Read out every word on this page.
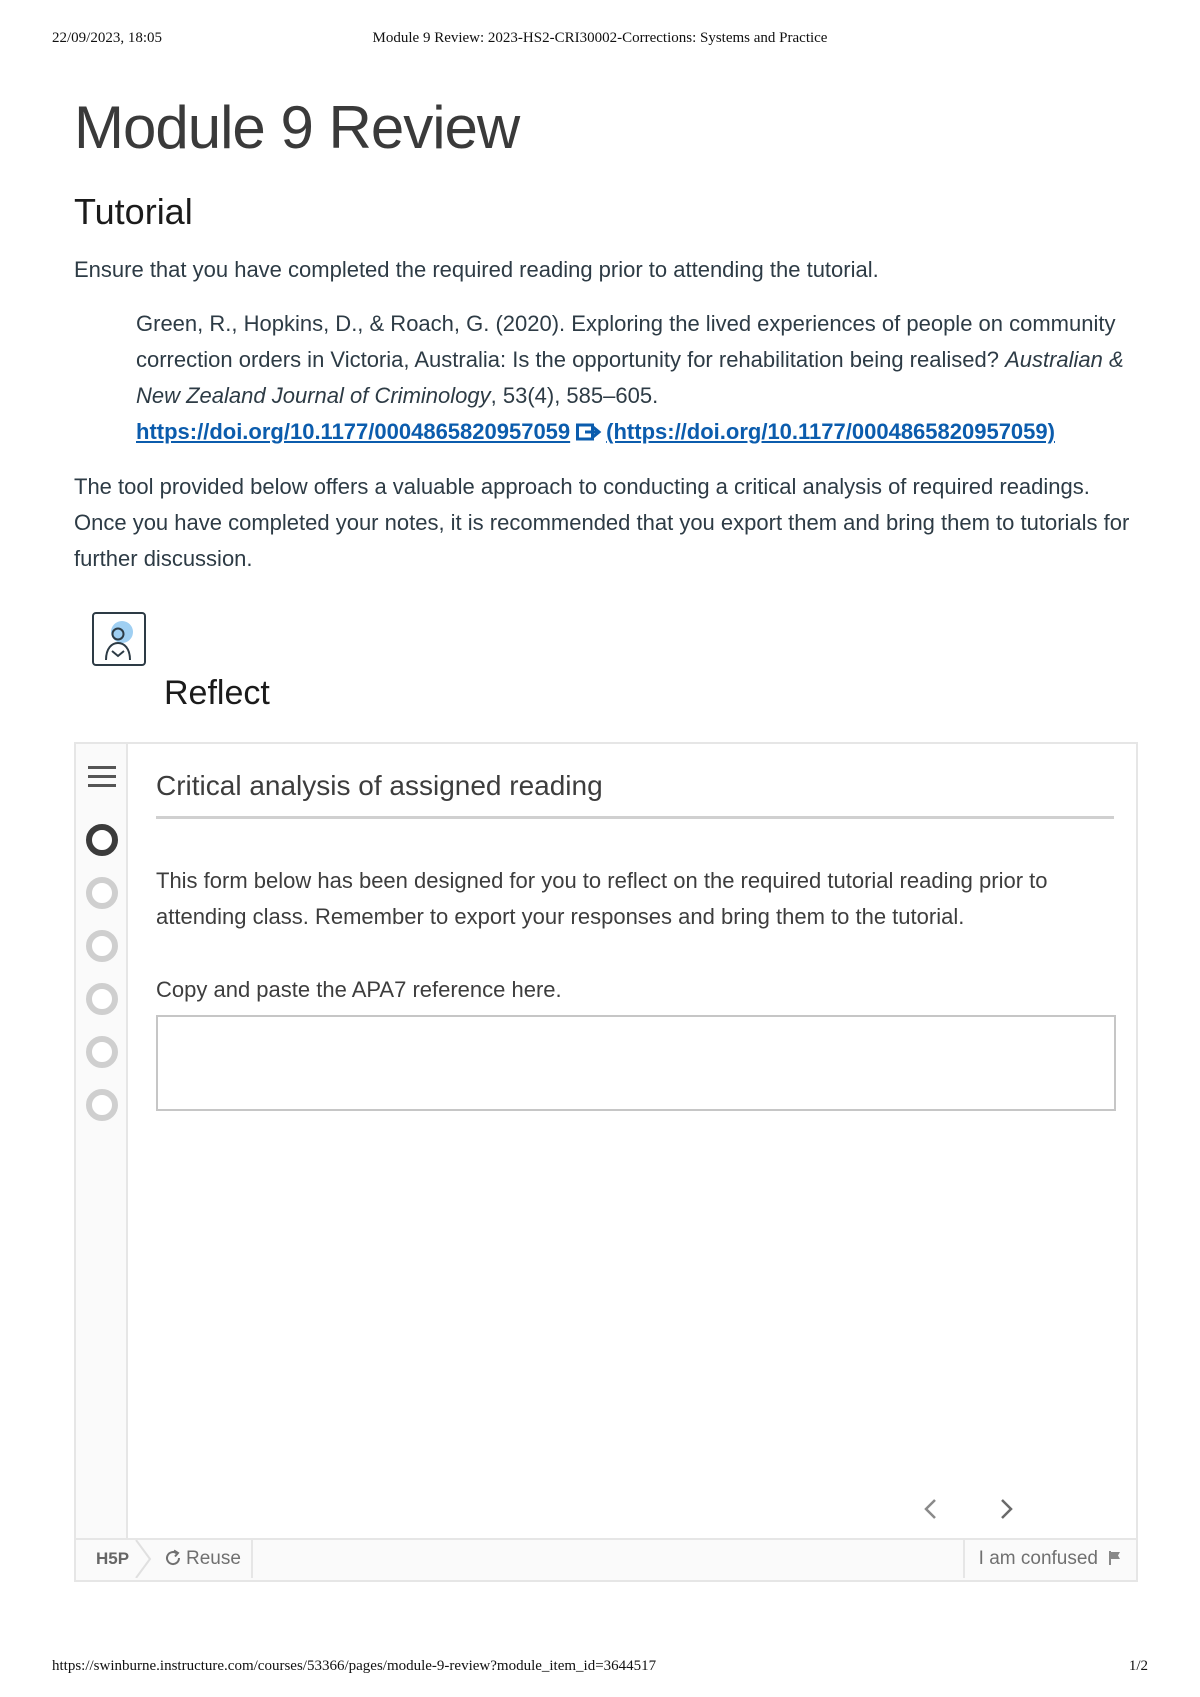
22/09/2023, 18:05	Module 9 Review: 2023-HS2-CRI30002-Corrections: Systems and Practice
Module 9 Review
Tutorial

Ensure that you have completed the required reading prior to attending the tutorial.

Green, R., Hopkins, D., & Roach, G. (2020). Exploring the lived experiences of people on community correction orders in Victoria, Australia: Is the opportunity for rehabilitation being realised? Australian & New Zealand Journal of Criminology, 53(4), 585–605.
https://doi.org/10.1177/0004865820957059 (https://doi.org/10.1177/0004865820957059)

The tool provided below offers a valuable approach to conducting a critical analysis of required readings. Once you have completed your notes, it is recommended that you export them and bring them to tutorials for further discussion.

Reflect
Critical analysis of assigned reading
This form below has been designed for you to reflect on the required tutorial reading prior to attending class. Remember to export your responses and bring them to the tutorial.
Copy and paste the APA7 reference here.
H5P	Reuse	I am confused
https://swinburne.instructure.com/courses/53366/pages/module-9-review?module_item_id=3644517	1/2
